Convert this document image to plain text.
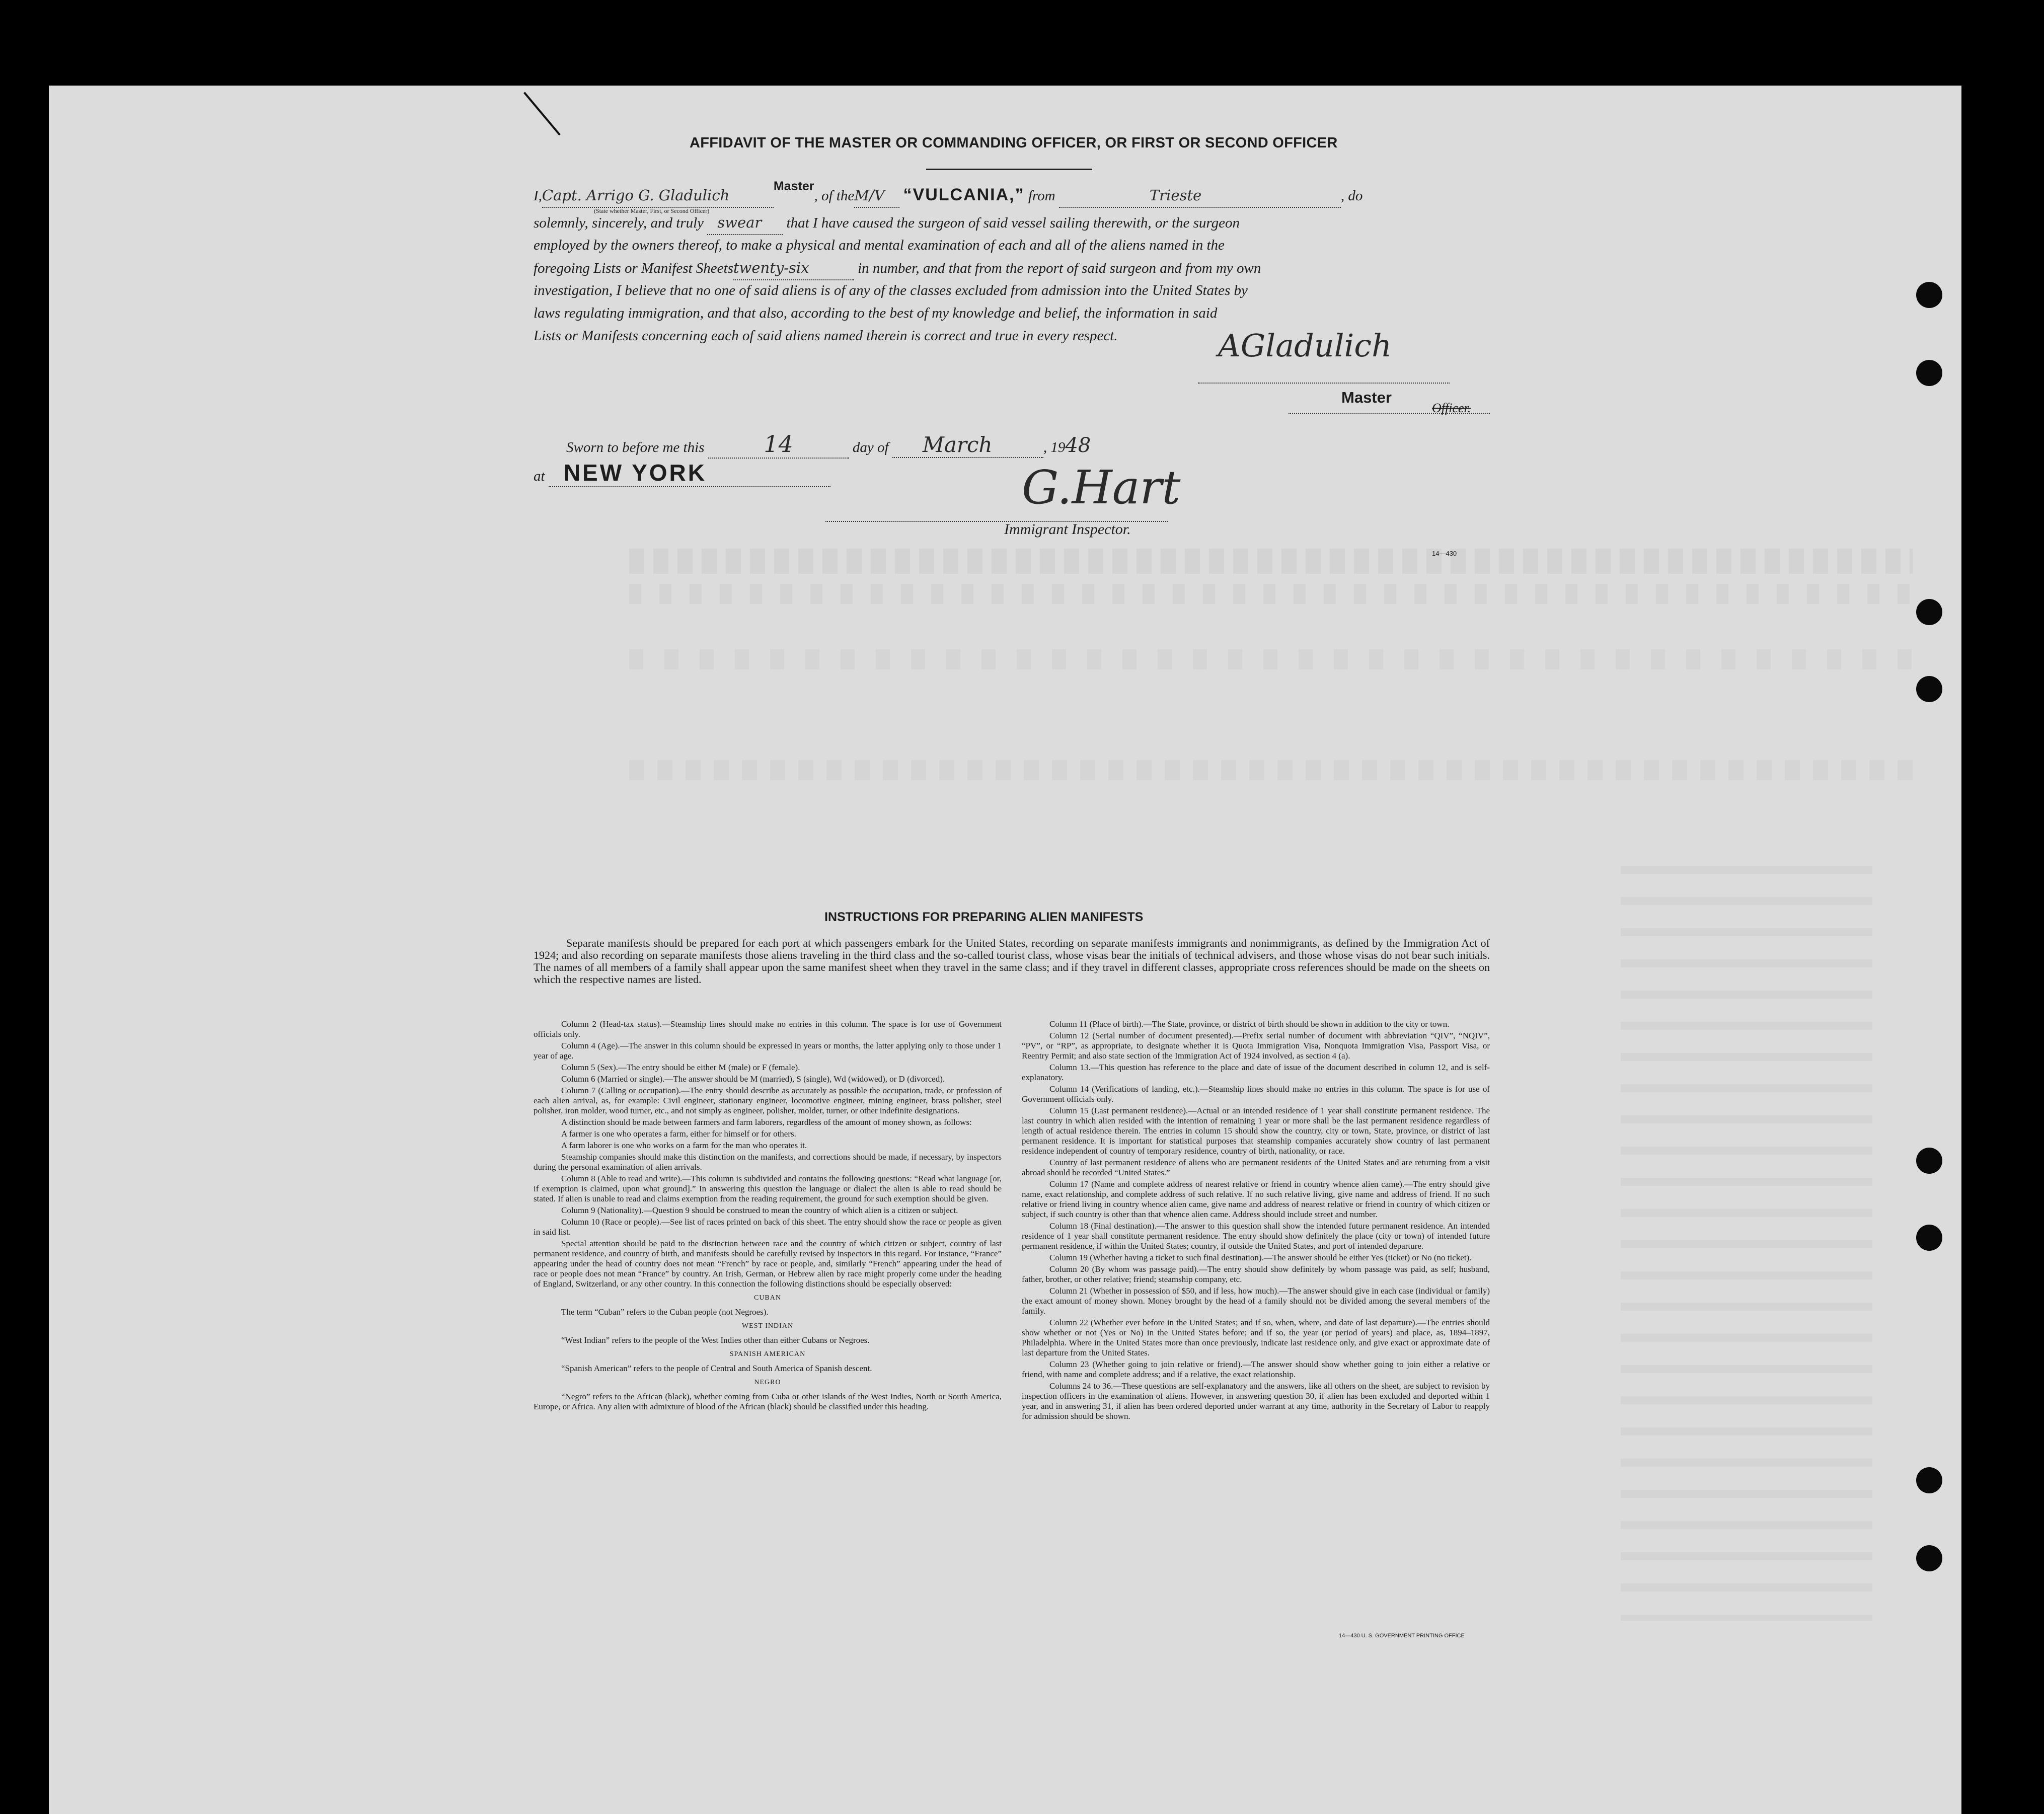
AFFIDAVIT OF THE MASTER OR COMMANDING OFFICER, OR FIRST OR SECOND OFFICER
I,Capt. Arrigo G. GladulichMaster, of theM/V “VULCANIA,” from	Trieste	, do
(State whether Master, First, or Second Officer)
solemnly, sincerely, and truly swear that I have caused the surgeon of said vessel sailing therewith, or the surgeon
employed by the owners thereof, to make a physical and mental examination of each and all of the aliens named in the
foregoing Lists or Manifest Sheetstwenty-six	in number, and that from the report of said surgeon and from my own
investigation, I believe that no one of said aliens is of any of the classes excluded from admission into the United States by
laws regulating immigration, and that also, according to the best of my knowledge and belief, the information in said
Lists or Manifests concerning each of said aliens named therein is correct and true in every respect.	AGladulich
Master
Officer.
Sworn to before me this	14	day of March	, 1948
at NEW YORK	G.Hart
Immigrant Inspector.
14—430
INSTRUCTIONS FOR PREPARING ALIEN MANIFESTS
Separate manifests should be prepared for each port at which passengers embark for the United States, recording on separate manifests immigrants and nonimmigrants, as defined by the Immigration Act of 1924; and also recording on separate manifests those aliens traveling in the third class and the so-called tourist class, whose visas bear the initials of technical advisers, and those whose visas do not bear such initials. The names of all members of a family shall appear upon the same manifest sheet when they travel in the same class; and if they travel in different classes, appropriate cross references should be made on the sheets on which the respective names are listed.

Column 2 (Head-tax status).—Steamship lines should make no entries in this column. The space is for use of Government officials only.

Column 4 (Age).—The answer in this column should be expressed in years or months, the latter applying only to those under 1 year of age.

Column 5 (Sex).—The entry should be either M (male) or F (female).

Column 6 (Married or single).—The answer should be M (married), S (single), Wd (widowed), or D (divorced).

Column 7 (Calling or occupation).—The entry should describe as accurately as possible the occupation, trade, or profession of each alien arrival, as, for example: Civil engineer, stationary engineer, locomotive engineer, mining engineer, brass polisher, steel polisher, iron molder, wood turner, etc., and not simply as engineer, polisher, molder, turner, or other indefinite designations.

A distinction should be made between farmers and farm laborers, regardless of the amount of money shown, as follows:

A farmer is one who operates a farm, either for himself or for others.

A farm laborer is one who works on a farm for the man who operates it.

Steamship companies should make this distinction on the manifests, and corrections should be made, if necessary, by inspectors during the personal examination of alien arrivals.

Column 8 (Able to read and write).—This column is subdivided and contains the following questions: “Read what language [or, if exemption is claimed, upon what ground].” In answering this question the language or dialect the alien is able to read should be stated. If alien is unable to read and claims exemption from the reading requirement, the ground for such exemption should be given.

Column 9 (Nationality).—Question 9 should be construed to mean the country of which alien is a citizen or subject.

Column 10 (Race or people).—See list of races printed on back of this sheet. The entry should show the race or people as given in said list.

Special attention should be paid to the distinction between race and the country of which citizen or subject, country of last permanent residence, and country of birth, and manifests should be carefully revised by inspectors in this regard. For instance, “France” appearing under the head of country does not mean “French” by race or people, and, similarly “French” appearing under the head of race or people does not mean “France” by country. An Irish, German, or Hebrew alien by race might properly come under the heading of England, Switzerland, or any other country. In this connection the following distinctions should be especially observed:

CUBAN

The term “Cuban” refers to the Cuban people (not Negroes).

WEST INDIAN

“West Indian” refers to the people of the West Indies other than either Cubans or Negroes.

SPANISH AMERICAN

“Spanish American” refers to the people of Central and South America of Spanish descent.

NEGRO

“Negro” refers to the African (black), whether coming from Cuba or other islands of the West Indies, North or South America, Europe, or Africa. Any alien with admixture of blood of the African (black) should be classified under this heading.

Column 11 (Place of birth).—The State, province, or district of birth should be shown in addition to the city or town.

Column 12 (Serial number of document presented).—Prefix serial number of document with abbreviation “QIV”, “NQIV”, “PV”, or “RP”, as appropriate, to designate whether it is Quota Immigration Visa, Nonquota Immigration Visa, Passport Visa, or Reentry Permit; and also state section of the Immigration Act of 1924 involved, as section 4 (a).

Column 13.—This question has reference to the place and date of issue of the document described in column 12, and is self-explanatory.

Column 14 (Verifications of landing, etc.).—Steamship lines should make no entries in this column. The space is for use of Government officials only.

Column 15 (Last permanent residence).—Actual or an intended residence of 1 year shall constitute permanent residence. The last country in which alien resided with the intention of remaining 1 year or more shall be the last permanent residence regardless of length of actual residence therein. The entries in column 15 should show the country, city or town, State, province, or district of last permanent residence. It is important for statistical purposes that steamship companies accurately show country of last permanent residence independent of country of temporary residence, country of birth, nationality, or race.

Country of last permanent residence of aliens who are permanent residents of the United States and are returning from a visit abroad should be recorded “United States.”

Column 17 (Name and complete address of nearest relative or friend in country whence alien came).—The entry should give name, exact relationship, and complete address of such relative. If no such relative living, give name and address of friend. If no such relative or friend living in country whence alien came, give name and address of nearest relative or friend in country of which citizen or subject, if such country is other than that whence alien came. Address should include street and number.

Column 18 (Final destination).—The answer to this question shall show the intended future permanent residence. An intended residence of 1 year shall constitute permanent residence. The entry should show definitely the place (city or town) of intended future permanent residence, if within the United States; country, if outside the United States, and port of intended departure.

Column 19 (Whether having a ticket to such final destination).—The answer should be either Yes (ticket) or No (no ticket).

Column 20 (By whom was passage paid).—The entry should show definitely by whom passage was paid, as self; husband, father, brother, or other relative; friend; steamship company, etc.

Column 21 (Whether in possession of $50, and if less, how much).—The answer should give in each case (individual or family) the exact amount of money shown. Money brought by the head of a family should not be divided among the several members of the family.

Column 22 (Whether ever before in the United States; and if so, when, where, and date of last departure).—The entries should show whether or not (Yes or No) in the United States before; and if so, the year (or period of years) and place, as, 1894–1897, Philadelphia. Where in the United States more than once previously, indicate last residence only, and give exact or approximate date of last departure from the United States.

Column 23 (Whether going to join relative or friend).—The answer should show whether going to join either a relative or friend, with name and complete address; and if a relative, the exact relationship.

Columns 24 to 36.—These questions are self-explanatory and the answers, like all others on the sheet, are subject to revision by inspection officers in the examination of aliens. However, in answering question 30, if alien has been excluded and deported within 1 year, and in answering 31, if alien has been ordered deported under warrant at any time, authority in the Secretary of Labor to reapply for admission should be shown.

14—430 U. S. GOVERNMENT PRINTING OFFICE
